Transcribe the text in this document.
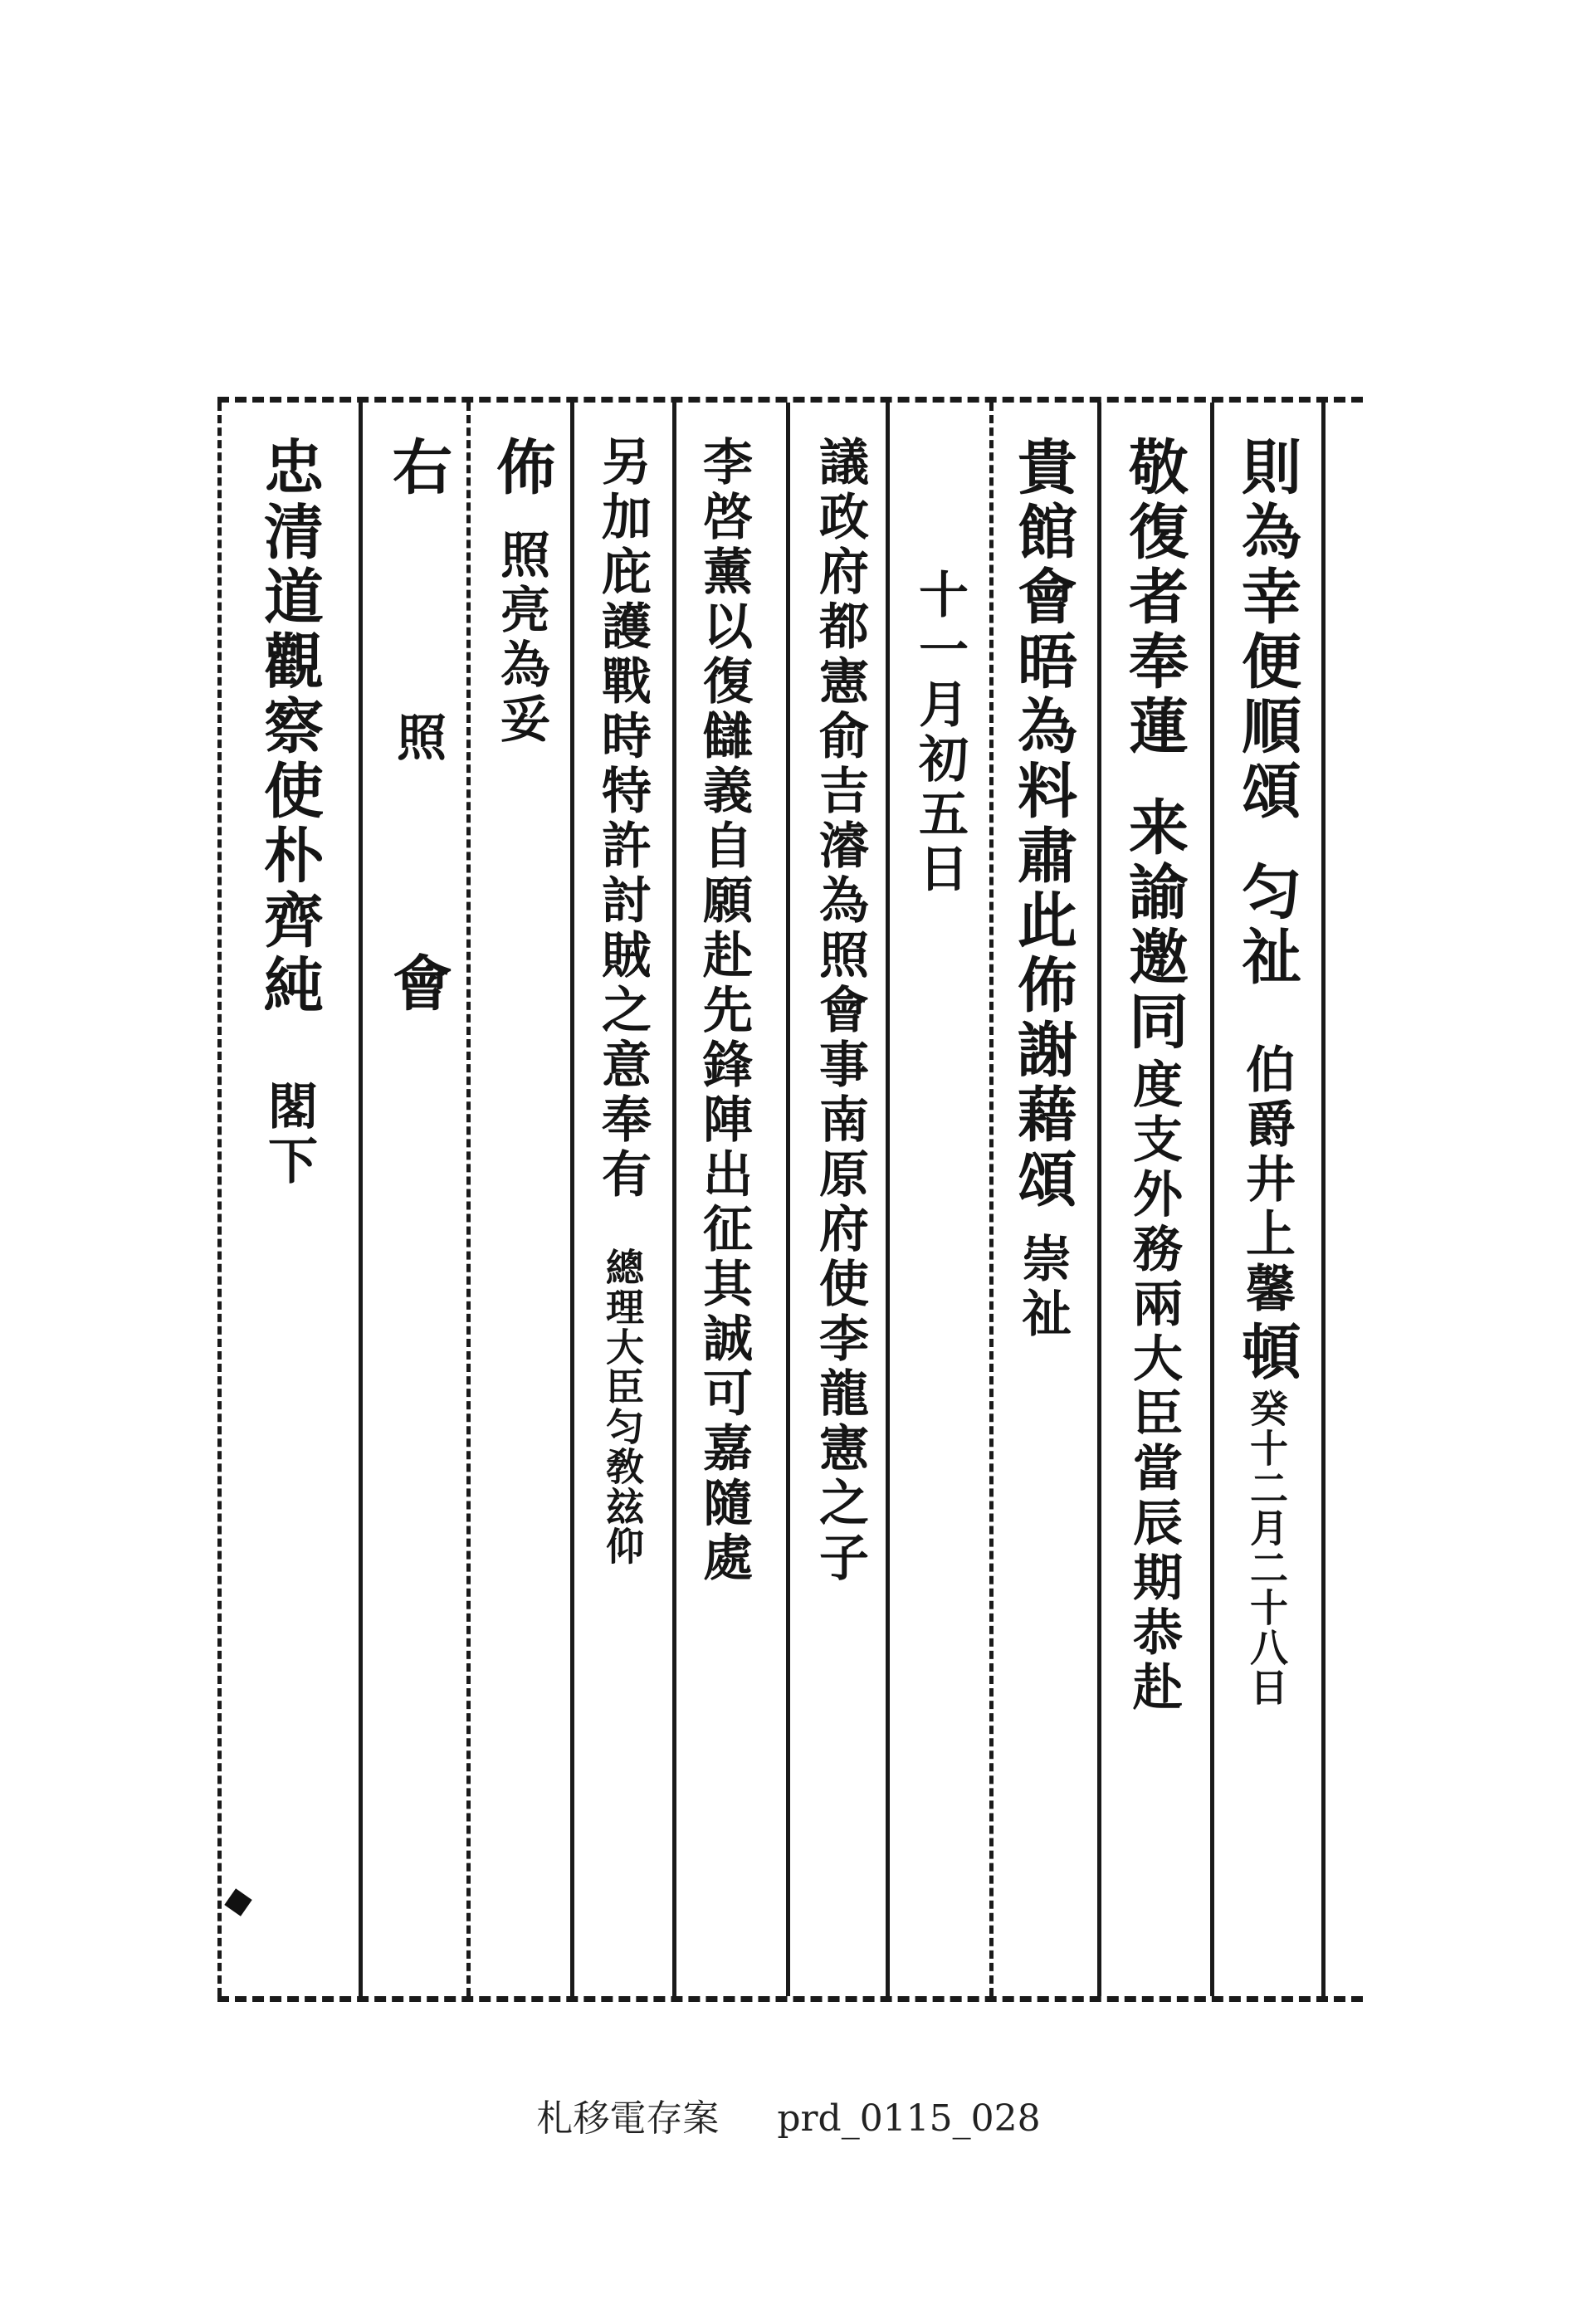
則為幸便順頌
匀祉
伯爵井上馨
頓
癸十二月二十八日
敬復者奉蓮
来諭邀同
度支外務兩大臣當辰期恭赴
貴館會晤為料肅此佈謝藉頌
崇祉
十一月初五日
議政府都憲俞吉濬為照會事南原府使李龍憲之子
李啓薰以復讎義自願赴先鋒陣出征其誠可嘉隨處
另加庇護戰時特許討賊之意奉有
總理大臣匀敎玆仰
佈
照亮為妥
右
照
會
忠清道觀察使朴齊純
閣下
札移電存案 prd_0115_028
